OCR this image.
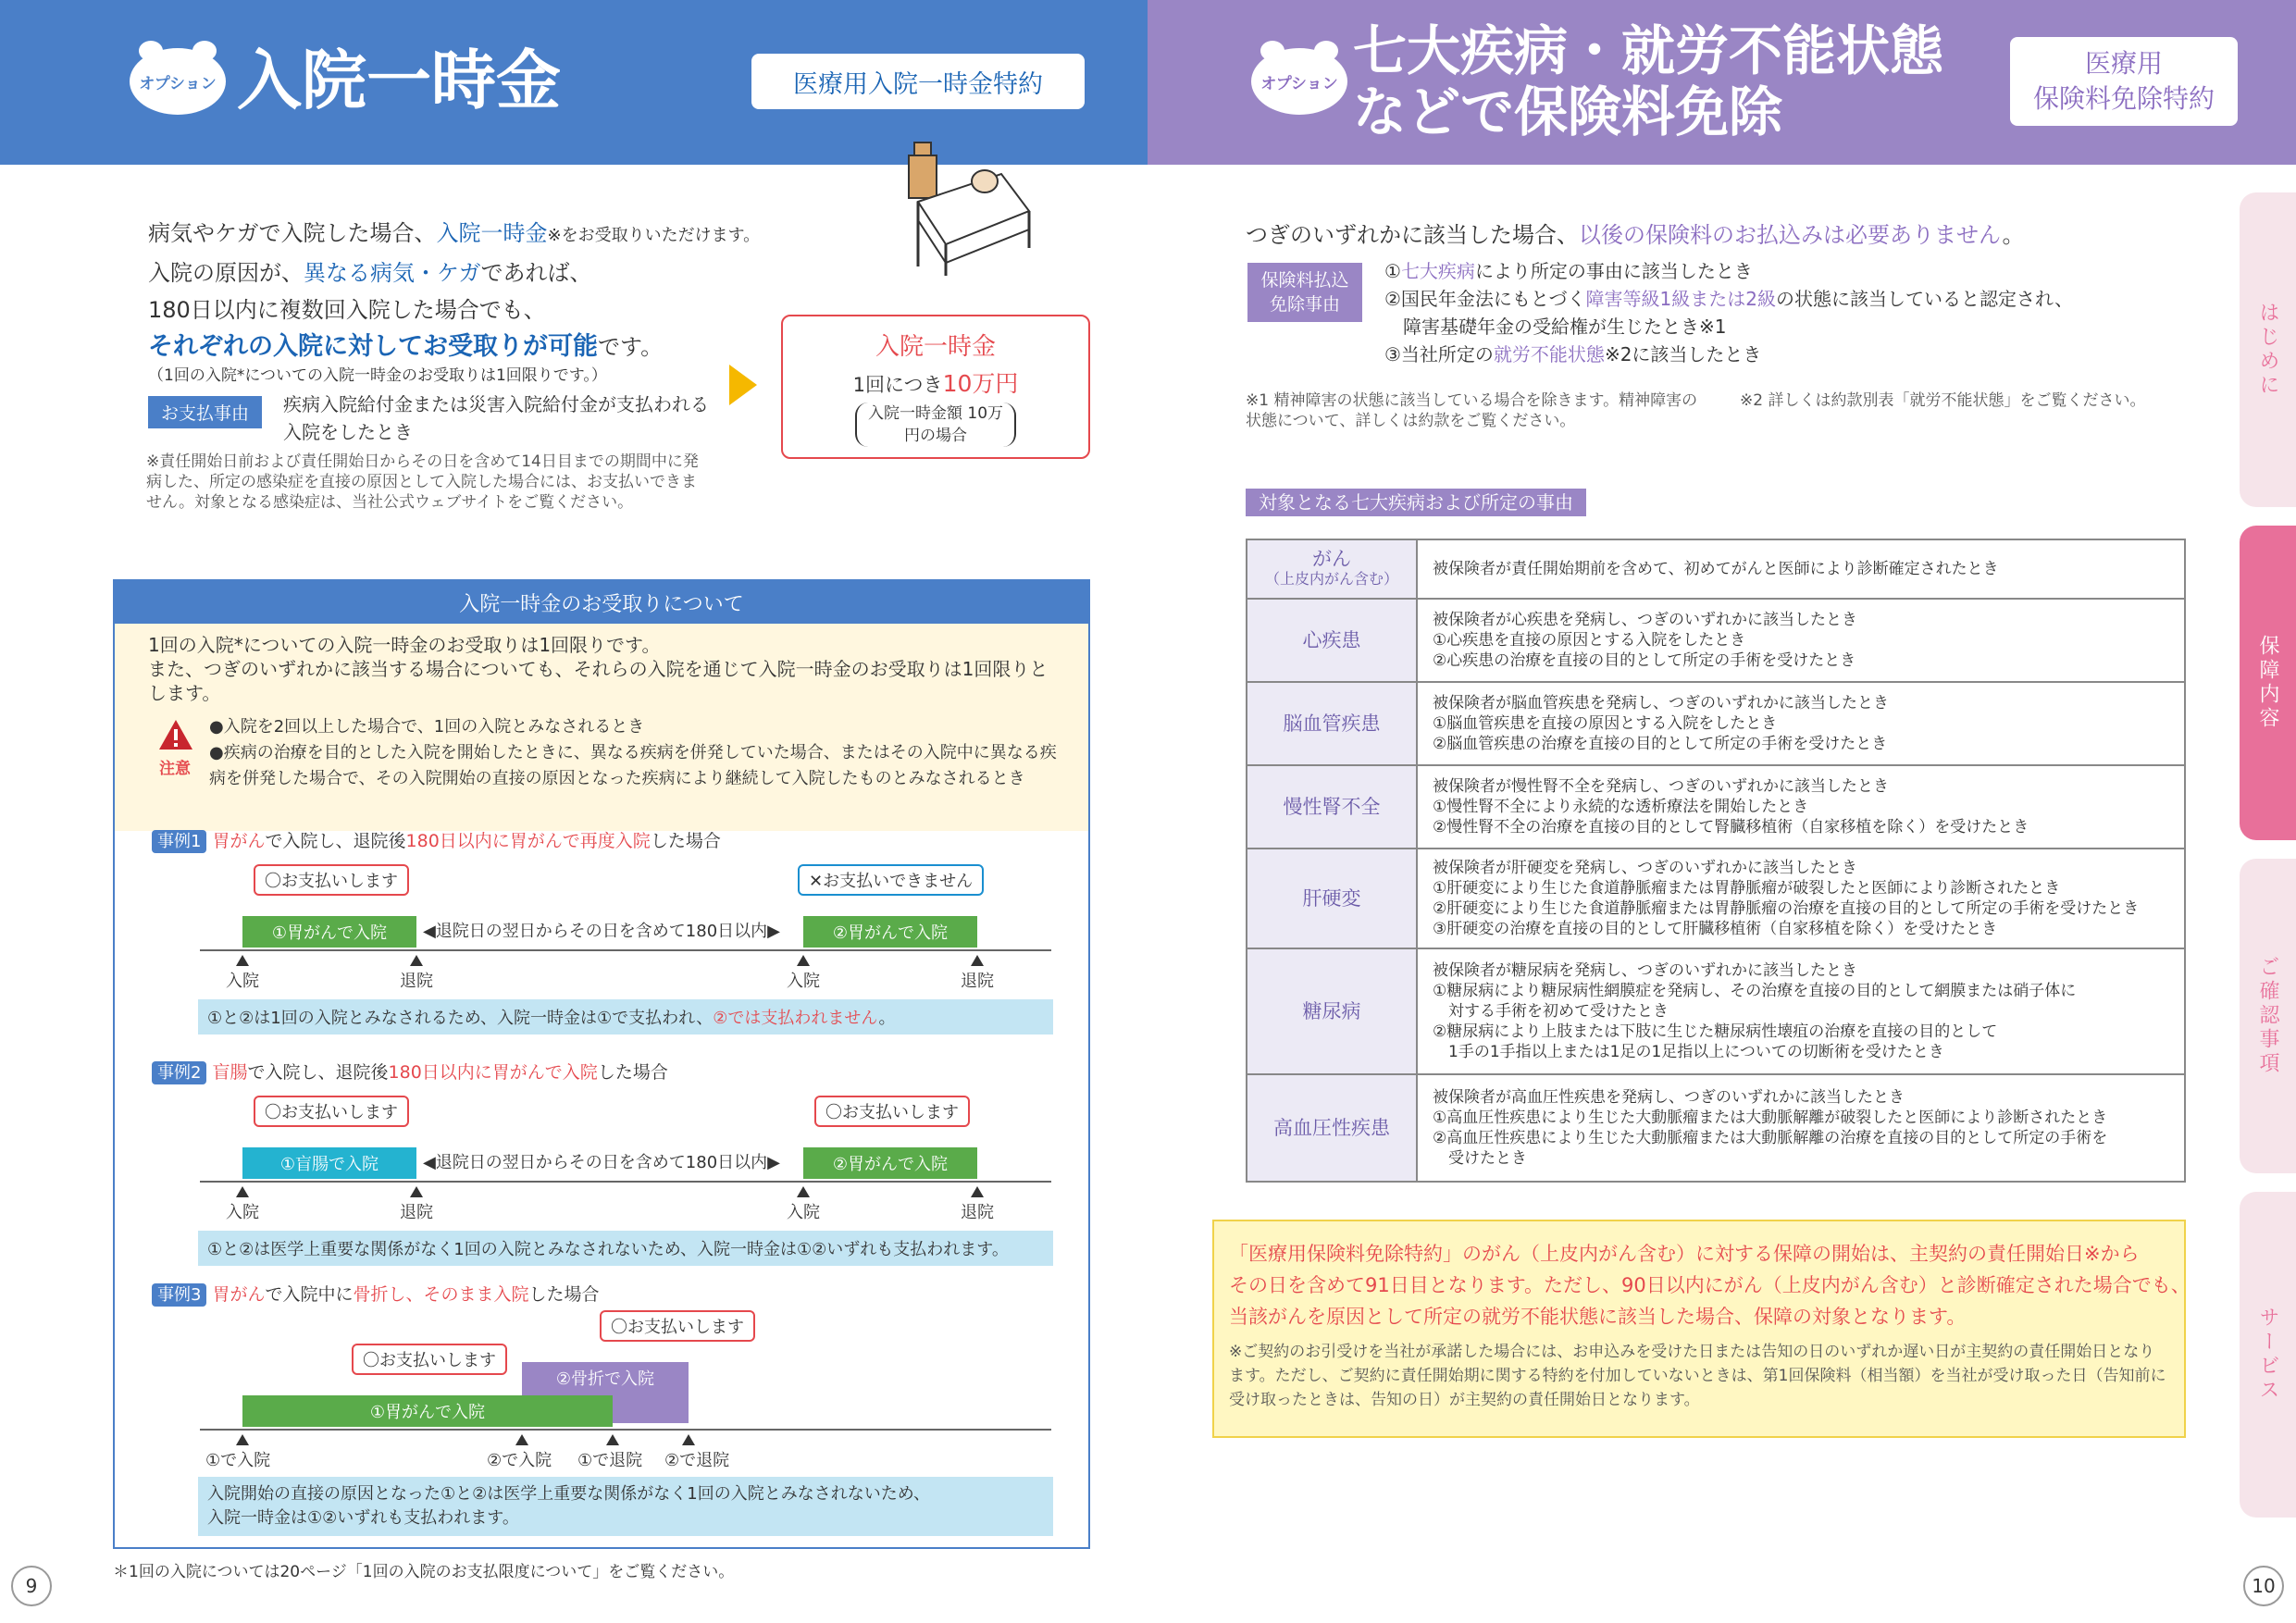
オプション 入院一時金	医療用入院一時金特約
病気やケガで入院した場合、入院一時金※をお受取りいただけます。
入院の原因が、異なる病気・ケガであれば、
180日以内に複数回入院した場合でも、
それぞれの入院に対してお受取りが可能です。
（1回の入院*についての入院一時金のお受取りは1回限りです。）
お支払事由	疾病入院給付金または災害入院給付金が支払われる入院をしたとき
※責任開始日前および責任開始日からその日を含めて14日目までの期間中に発病した、所定の感染症を直接の原因として入院した場合には、お支払いできません。対象となる感染症は、当社公式ウェブサイトをご覧ください。
入院一時金
1回につき10万円
入院一時金額 10万円の場合
入院一時金のお受取りについて
1回の入院*についての入院一時金のお受取りは1回限りです。
また、つぎのいずれかに該当する場合についても、それらの入院を通じて入院一時金のお受取りは1回限りとします。
注意
●入院を2回以上した場合で、1回の入院とみなされるとき
●疾病の治療を目的とした入院を開始したときに、異なる疾病を併発していた場合、またはその入院中に異なる疾病を併発した場合で、その入院開始の直接の原因となった疾病により継続して入院したものとみなされるとき
事例1 胃がんで入院し、退院後180日以内に胃がんで再度入院した場合
〇お支払いします	✕お支払いできません
①胃がんで入院	◀退院日の翌日からその日を含めて180日以内▶	②胃がんで入院
入院	退院	入院	退院
①と②は1回の入院とみなされるため、入院一時金は①で支払われ、②では支払われません。
事例2 盲腸で入院し、退院後180日以内に胃がんで入院した場合
〇お支払いします	〇お支払いします
①盲腸で入院	◀退院日の翌日からその日を含めて180日以内▶	②胃がんで入院
入院	退院	入院	退院
①と②は医学上重要な関係がなく1回の入院とみなされないため、入院一時金は①②いずれも支払われます。
事例3 胃がんで入院中に骨折し、そのまま入院した場合
〇お支払いします
〇お支払いします
②骨折で入院
①胃がんで入院
①で入院	②で入院 ①で退院 ②で退院
入院開始の直接の原因となった①と②は医学上重要な関係がなく1回の入院とみなされないため、
入院一時金は①②いずれも支払われます。
＊1回の入院については20ページ「1回の入院のお支払限度について」をご覧ください。
9
オプション
七大疾病・就労不能状態
などで保険料免除
医療用
保険料免除特約
つぎのいずれかに該当した場合、以後の保険料のお払込みは必要ありません。
保険料払込
免除事由
①七大疾病により所定の事由に該当したとき
②国民年金法にもとづく障害等級1級または2級の状態に該当していると認定され、
障害基礎年金の受給権が生じたとき※1
③当社所定の就労不能状態※2に該当したとき
※1 精神障害の状態に該当している場合を除きます。精神障害の状態について、詳しくは約款をご覧ください。
※2 詳しくは約款別表「就労不能状態」をご覧ください。
対象となる七大疾病および所定の事由
がん
（上皮内がん含む）	被保険者が責任開始期前を含めて、初めてがんと医師により診断確定されたとき

心疾患	被保険者が心疾患を発病し、つぎのいずれかに該当したとき
①心疾患を直接の原因とする入院をしたとき
②心疾患の治療を直接の目的として所定の手術を受けたとき

脳血管疾患	被保険者が脳血管疾患を発病し、つぎのいずれかに該当したとき
①脳血管疾患を直接の原因とする入院をしたとき
②脳血管疾患の治療を直接の目的として所定の手術を受けたとき

慢性腎不全	被保険者が慢性腎不全を発病し、つぎのいずれかに該当したとき
①慢性腎不全により永続的な透析療法を開始したとき
②慢性腎不全の治療を直接の目的として腎臓移植術（自家移植を除く）を受けたとき

肝硬変	被保険者が肝硬変を発病し、つぎのいずれかに該当したとき
①肝硬変により生じた食道静脈瘤または胃静脈瘤が破裂したと医師により診断されたとき
②肝硬変により生じた食道静脈瘤または胃静脈瘤の治療を直接の目的として所定の手術を受けたとき
③肝硬変の治療を直接の目的として肝臓移植術（自家移植を除く）を受けたとき

糖尿病	被保険者が糖尿病を発病し、つぎのいずれかに該当したとき
①糖尿病により糖尿病性網膜症を発病し、その治療を直接の目的として網膜または硝子体に
　対する手術を初めて受けたとき
②糖尿病により上肢または下肢に生じた糖尿病性壊疽の治療を直接の目的として
　1手の1手指以上または1足の1足指以上についての切断術を受けたとき

高血圧性疾患	被保険者が高血圧性疾患を発病し、つぎのいずれかに該当したとき
①高血圧性疾患により生じた大動脈瘤または大動脈解離が破裂したと医師により診断されたとき
②高血圧性疾患により生じた大動脈瘤または大動脈解離の治療を直接の目的として所定の手術を
　受けたとき
「医療用保険料免除特約」のがん（上皮内がん含む）に対する保障の開始は、主契約の責任開始日※から
その日を含めて91日目となります。ただし、90日以内にがん（上皮内がん含む）と診断確定された場合でも、
当該がんを原因として所定の就労不能状態に該当した場合、保障の対象となります。
※ご契約のお引受けを当社が承諾した場合には、お申込みを受けた日または告知の日のいずれか遅い日が主契約の責任開始日となります。ただし、ご契約に責任開始期に関する特約を付加していないときは、第1回保険料（相当額）を当社が受け取った日（告知前に受け取ったときは、告知の日）が主契約の責任開始日となります。
はじめに
保障内容
ご確認事項
サービス
10
